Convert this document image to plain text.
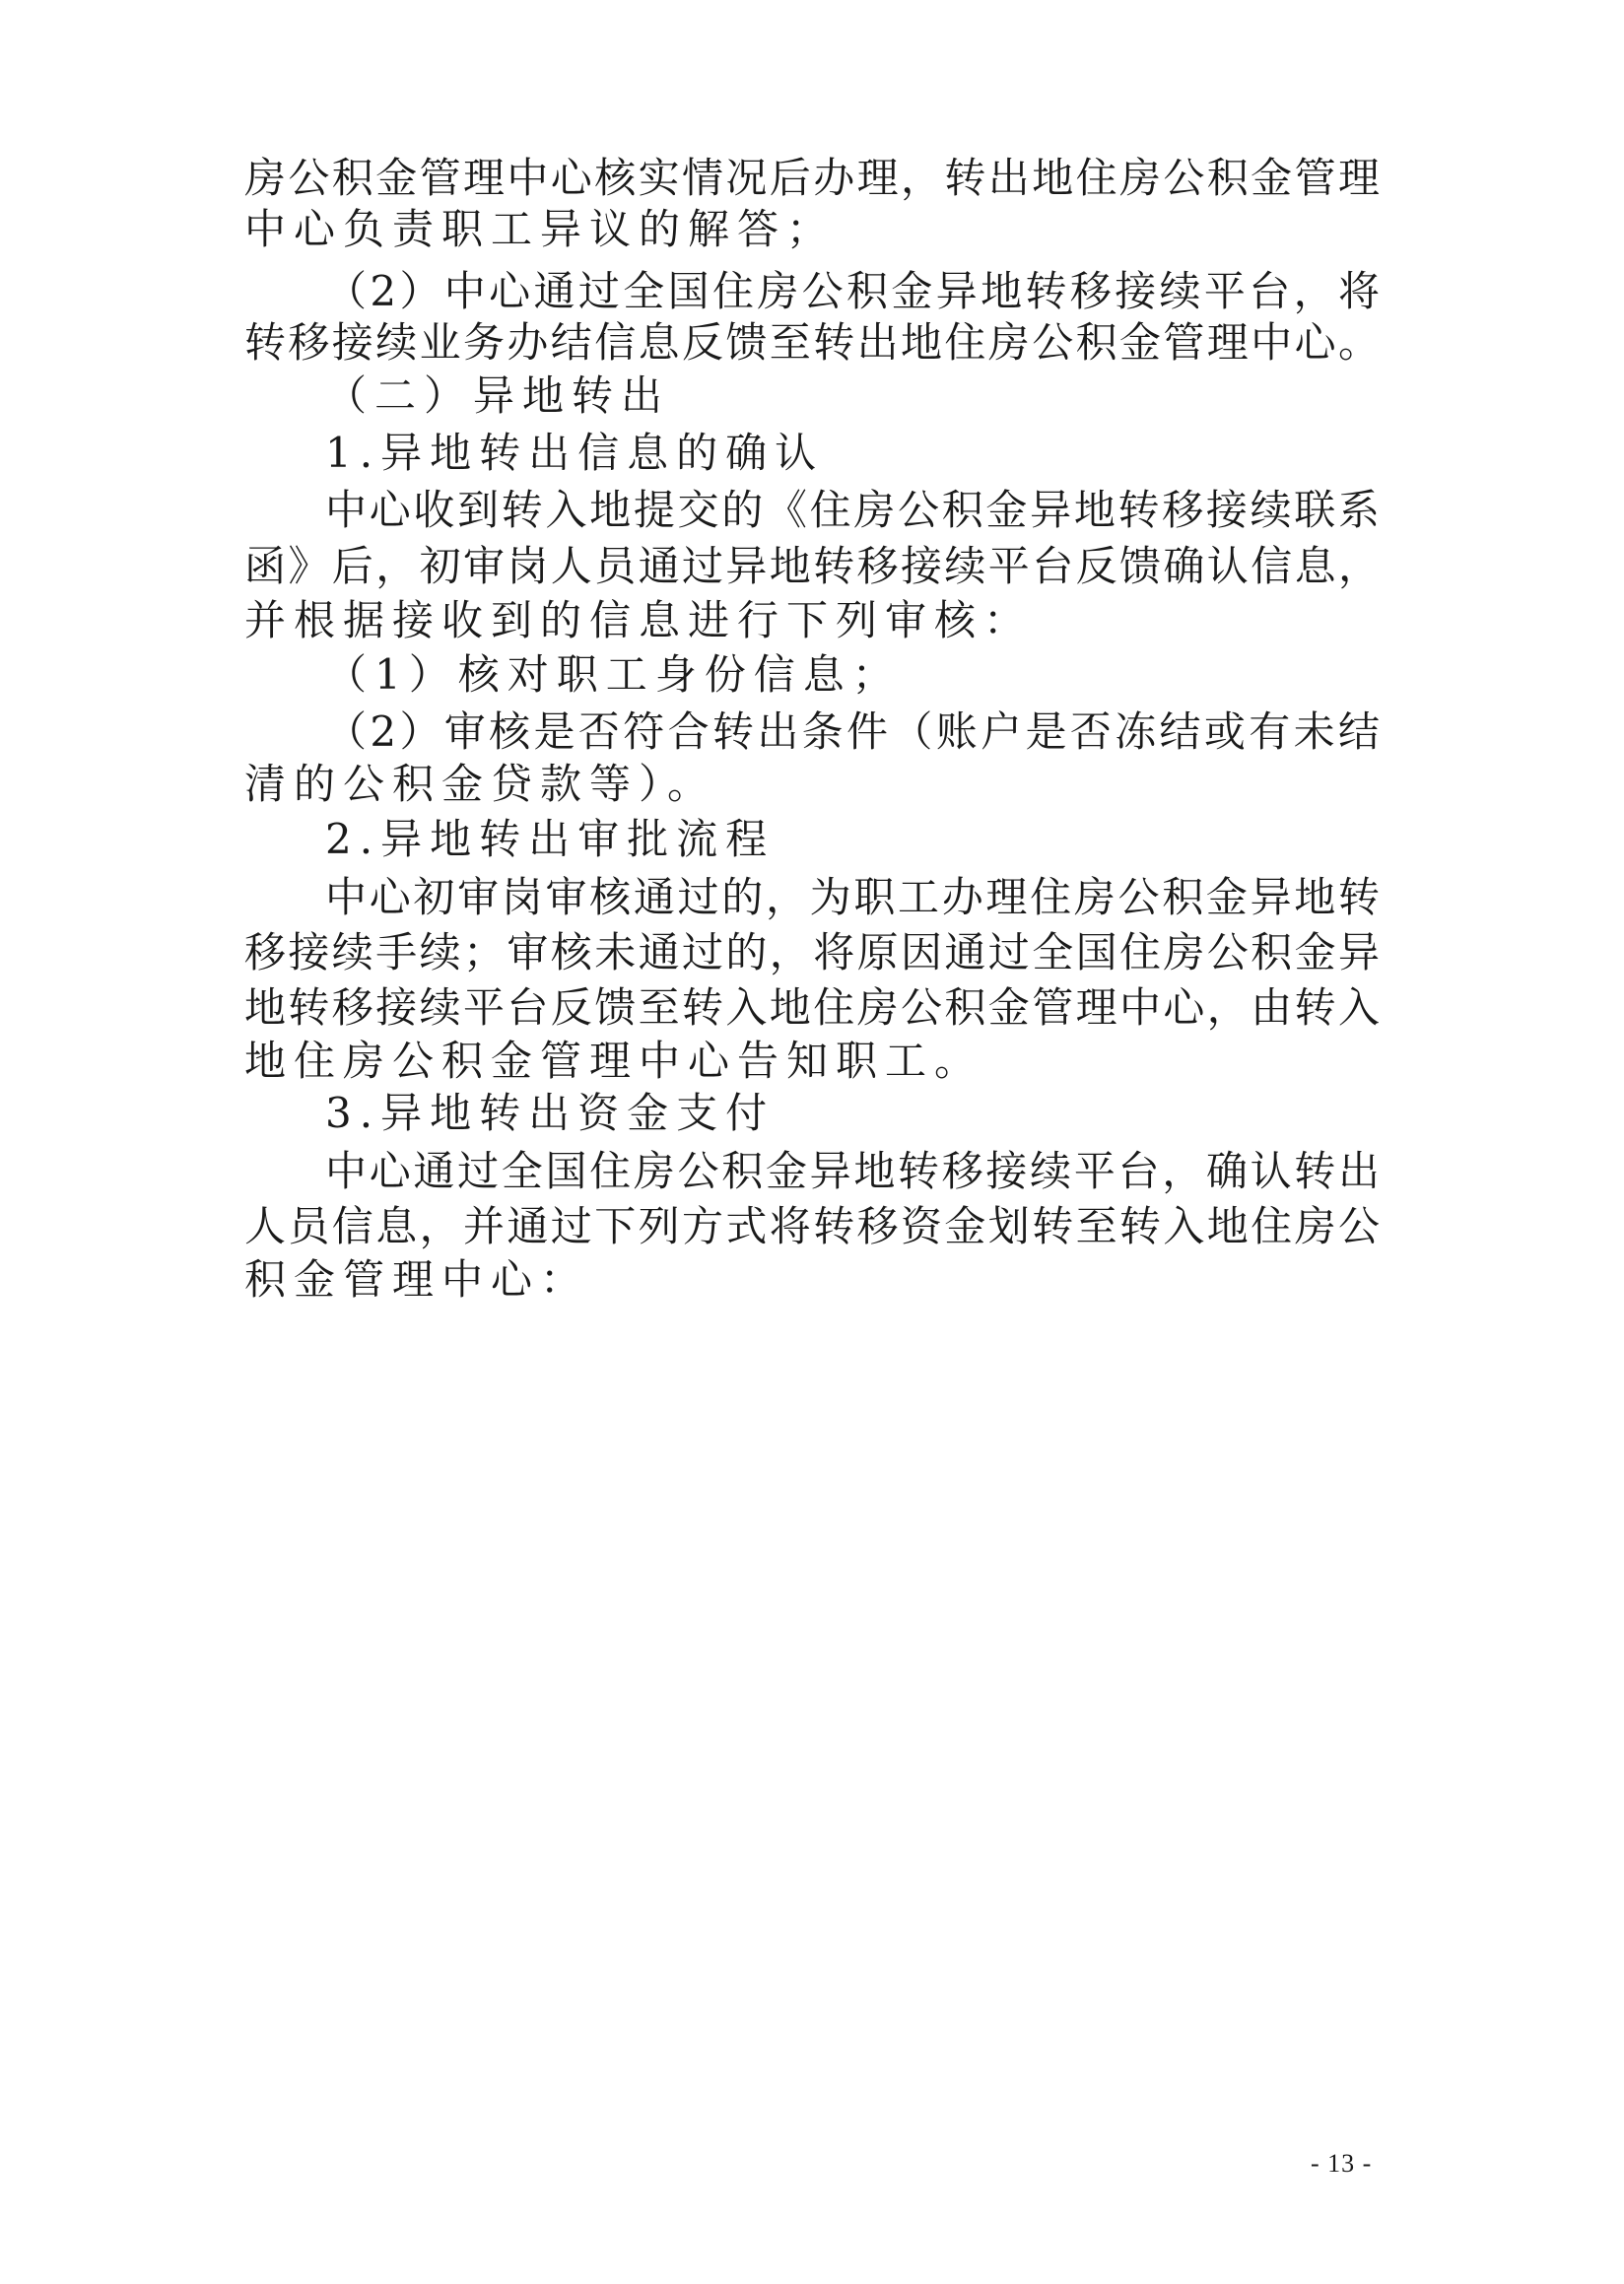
房公积金管理中心核实情况后办理，转出地住房公积金管理
中心负责职工异议的解答；
（2）中心通过全国住房公积金异地转移接续平台，将
转移接续业务办结信息反馈至转出地住房公积金管理中心。
（二）异地转出
1.异地转出信息的确认
中心收到转入地提交的《住房公积金异地转移接续联系
函》后，初审岗人员通过异地转移接续平台反馈确认信息，
并根据接收到的信息进行下列审核：
（1）核对职工身份信息；
（2）审核是否符合转出条件（账户是否冻结或有未结
清的公积金贷款等）。
2.异地转出审批流程
中心初审岗审核通过的，为职工办理住房公积金异地转
移接续手续；审核未通过的，将原因通过全国住房公积金异
地转移接续平台反馈至转入地住房公积金管理中心，由转入
地住房公积金管理中心告知职工。
3.异地转出资金支付
中心通过全国住房公积金异地转移接续平台，确认转出
人员信息，并通过下列方式将转移资金划转至转入地住房公
积金管理中心：
- 13 -
